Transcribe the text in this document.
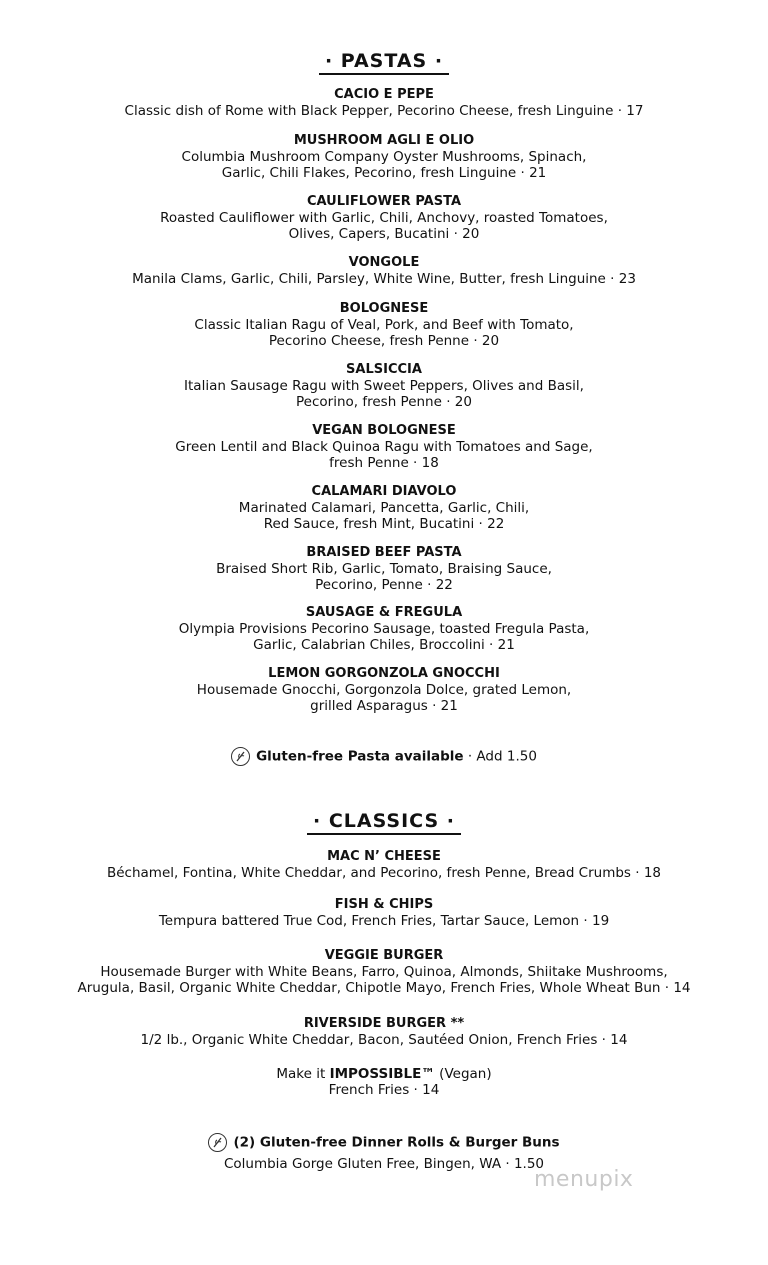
· PASTAS ·
CACIO E PEPE
Classic dish of Rome with Black Pepper, Pecorino Cheese, fresh Linguine · 17
MUSHROOM AGLI E OLIO
Columbia Mushroom Company Oyster Mushrooms, Spinach,
Garlic, Chili Flakes, Pecorino, fresh Linguine · 21
CAULIFLOWER PASTA
Roasted Cauliflower with Garlic, Chili, Anchovy, roasted Tomatoes,
Olives, Capers, Bucatini · 20
VONGOLE
Manila Clams, Garlic, Chili, Parsley, White Wine, Butter, fresh Linguine · 23
BOLOGNESE
Classic Italian Ragu of Veal, Pork, and Beef with Tomato,
Pecorino Cheese, fresh Penne · 20
SALSICCIA
Italian Sausage Ragu with Sweet Peppers, Olives and Basil,
Pecorino, fresh Penne · 20
VEGAN BOLOGNESE
Green Lentil and Black Quinoa Ragu with Tomatoes and Sage,
fresh Penne · 18
CALAMARI DIAVOLO
Marinated Calamari, Pancetta, Garlic, Chili,
Red Sauce, fresh Mint, Bucatini · 22
BRAISED BEEF PASTA
Braised Short Rib, Garlic, Tomato, Braising Sauce,
Pecorino, Penne · 22
SAUSAGE & FREGULA
Olympia Provisions Pecorino Sausage, toasted Fregula Pasta,
Garlic, Calabrian Chiles, Broccolini · 21
LEMON GORGONZOLA GNOCCHI
Housemade Gnocchi, Gorgonzola Dolce, grated Lemon,
grilled Asparagus · 21
Gluten-free Pasta available · Add 1.50
· CLASSICS ·
MAC N’ CHEESE
Béchamel, Fontina, White Cheddar, and Pecorino, fresh Penne, Bread Crumbs · 18
FISH & CHIPS
Tempura battered True Cod, French Fries, Tartar Sauce, Lemon · 19
VEGGIE BURGER
Housemade Burger with White Beans, Farro, Quinoa, Almonds, Shiitake Mushrooms,
Arugula, Basil, Organic White Cheddar, Chipotle Mayo, French Fries, Whole Wheat Bun · 14
RIVERSIDE BURGER **
1/2 lb., Organic White Cheddar, Bacon, Sautéed Onion, French Fries · 14
Make it IMPOSSIBLE™ (Vegan)
French Fries · 14
(2) Gluten-free Dinner Rolls & Burger Buns
Columbia Gorge Gluten Free, Bingen, WA · 1.50
menupix
